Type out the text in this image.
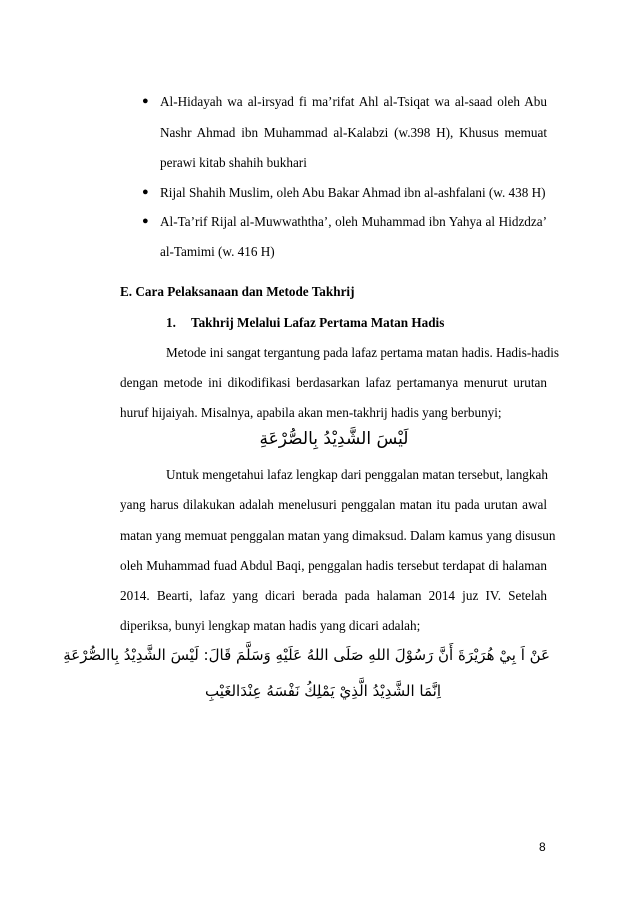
● Al-Hidayah wa al-irsyad fi ma’rifat Ahl al-Tsiqat wa al-saad oleh Abu
Nashr Ahmad ibn Muhammad al-Kalabzi (w.398 H), Khusus memuat
perawi kitab shahih bukhari
● Rijal Shahih Muslim, oleh Abu Bakar Ahmad ibn al-ashfalani (w. 438 H)
● Al-Ta’rif Rijal al-Muwwaththa’, oleh Muhammad ibn Yahya al Hidzdza’
al-Tamimi (w. 416 H)
E. Cara Pelaksanaan dan Metode Takhrij
1. Takhrij Melalui Lafaz Pertama Matan Hadis
Metode ini sangat tergantung pada lafaz pertama matan hadis. Hadis-hadis
dengan metode ini dikodifikasi berdasarkan lafaz pertamanya menurut urutan
huruf hijaiyah. Misalnya, apabila akan men-takhrij hadis yang berbunyi;
لَيْسَ الشَّدِيْدُ بِالصُّرْعَةِ
Untuk mengetahui lafaz lengkap dari penggalan matan tersebut, langkah
yang harus dilakukan adalah menelusuri penggalan matan itu pada urutan awal
matan yang memuat penggalan matan yang dimaksud. Dalam kamus yang disusun
oleh Muhammad fuad Abdul Baqi, penggalan hadis tersebut terdapat di halaman
2014. Bearti, lafaz yang dicari berada pada halaman 2014 juz IV. Setelah
diperiksa, bunyi lengkap matan hadis yang dicari adalah;
عَنْ اَ بِيْ هُرَيْرَةَ أَنَّ رَسُوْلَ اللهِ صَلَى اللهُ عَلَيْهِ وَسَلَّمَ قَالَ: لَيْسَ الشَّدِيْدُ بِاالصُّرْعَةِ
اِنَّمَا الشَّدِيْدُ الَّذِيْ يَمْلِكُ نَفْسَهُ عِنْدَالغَيْبِ
8
